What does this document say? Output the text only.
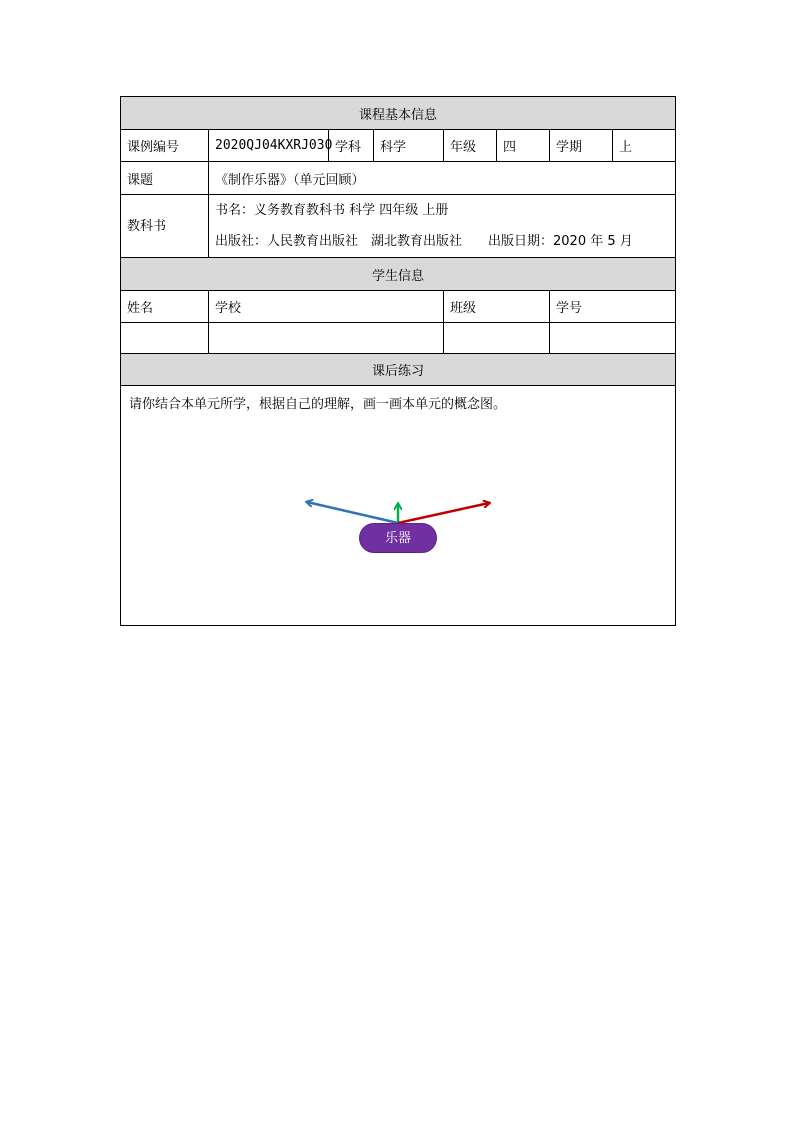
课程基本信息							
课例编号	2020QJ04KXRJ030	学科	科学	年级	四	学期	上
课题	《制作乐器》（单元回顾）						

教科书	书名：义务教育教科书 科学 四年级 上册
出版社：人民教育出版社　湖北教育出版社　　出版日期：2020 年 5 月						

学生信息							
姓名	学校			班级		学号	

课后练习							

请你结合本单元所学，根据自己的理解，画一画本单元的概念图。
乐器							
